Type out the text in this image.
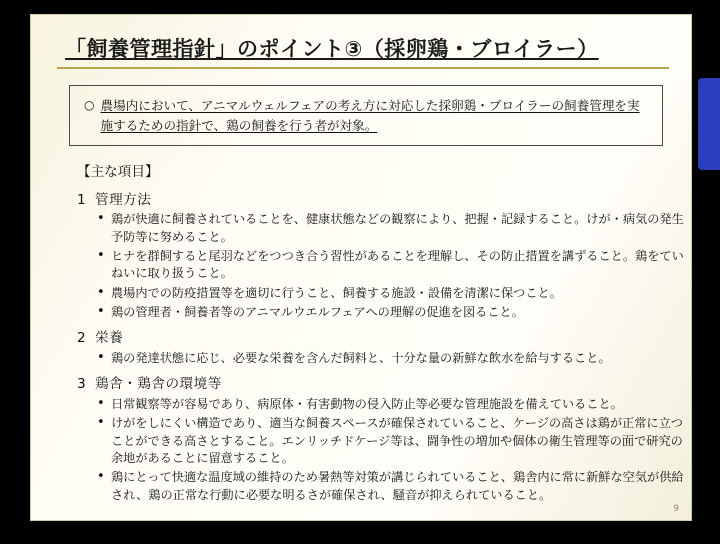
「飼養管理指針」のポイント③（採卵鶏・ブロイラー）
○ 農場内において、アニマルウェルフェアの考え方に対応した採卵鶏・ブロイラーの飼養管理を実施するための指針で、鶏の飼養を行う者が対象。
【主な項目】
1 管理方法
• 鶏が快適に飼養されていることを、健康状態などの観察により、把握・記録すること。けが・病気の発生予防等に努めること。
• ヒナを群飼すると尾羽などをつつき合う習性があることを理解し、その防止措置を講ずること。鶏をていねいに取り扱うこと。
• 農場内での防疫措置等を適切に行うこと、飼養する施設・設備を清潔に保つこと。
• 鶏の管理者・飼養者等のアニマルウエルフェアへの理解の促進を図ること。
2 栄養
• 鶏の発達状態に応じ、必要な栄養を含んだ飼料と、十分な量の新鮮な飲水を給与すること。
3 鶏舎・鶏舎の環境等
• 日常観察等が容易であり、病原体・有害動物の侵入防止等必要な管理施設を備えていること。
• けがをしにくい構造であり、適当な飼養スペースが確保されていること、ケージの高さは鶏が正常に立つことができる高さとすること。エンリッチドケージ等は、闘争性の増加や個体の衛生管理等の面で研究の余地があることに留意すること。
• 鶏にとって快適な温度域の維持のため暑熱等対策が講じられていること、鶏舎内に常に新鮮な空気が供給され、鶏の正常な行動に必要な明るさが確保され、騒音が抑えられていること。
9
